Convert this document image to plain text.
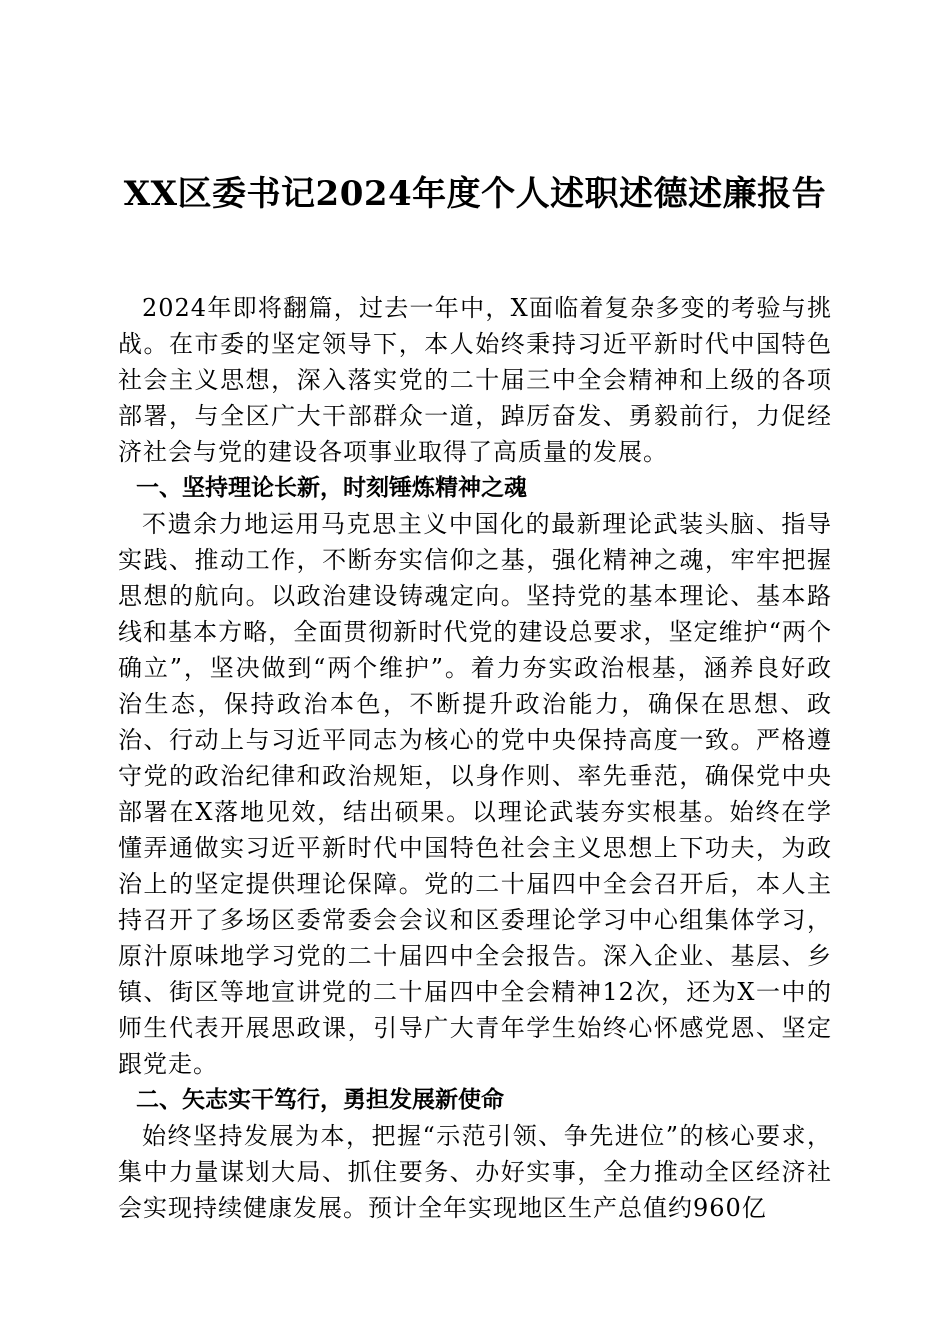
XX区委书记2024年度个人述职述德述廉报告

2024年即将翻篇，过去一年中，X面临着复杂多变的考验与挑战。在市委的坚定领导下，本人始终秉持习近平新时代中国特色社会主义思想，深入落实党的二十届三中全会精神和上级的各项部署，与全区广大干部群众一道，踔厉奋发、勇毅前行，力促经济社会与党的建设各项事业取得了高质量的发展。

一、坚持理论长新，时刻锤炼精神之魂

不遗余力地运用马克思主义中国化的最新理论武装头脑、指导实践、推动工作，不断夯实信仰之基，强化精神之魂，牢牢把握思想的航向。以政治建设铸魂定向。坚持党的基本理论、基本路线和基本方略，全面贯彻新时代党的建设总要求，坚定维护“两个确立”，坚决做到“两个维护”。着力夯实政治根基，涵养良好政治生态，保持政治本色，不断提升政治能力，确保在思想、政治、行动上与习近平同志为核心的党中央保持高度一致。严格遵守党的政治纪律和政治规矩，以身作则、率先垂范，确保党中央部署在X落地见效，结出硕果。以理论武装夯实根基。始终在学懂弄通做实习近平新时代中国特色社会主义思想上下功夫，为政治上的坚定提供理论保障。党的二十届四中全会召开后，本人主持召开了多场区委常委会会议和区委理论学习中心组集体学习，原汁原味地学习党的二十届四中全会报告。深入企业、基层、乡镇、街区等地宣讲党的二十届四中全会精神12次，还为X一中的师生代表开展思政课，引导广大青年学生始终心怀感党恩、坚定跟党走。

二、矢志实干笃行，勇担发展新使命

始终坚持发展为本，把握“示范引领、争先进位”的核心要求，集中力量谋划大局、抓住要务、办好实事，全力推动全区经济社会实现持续健康发展。预计全年实现地区生产总值约960亿
